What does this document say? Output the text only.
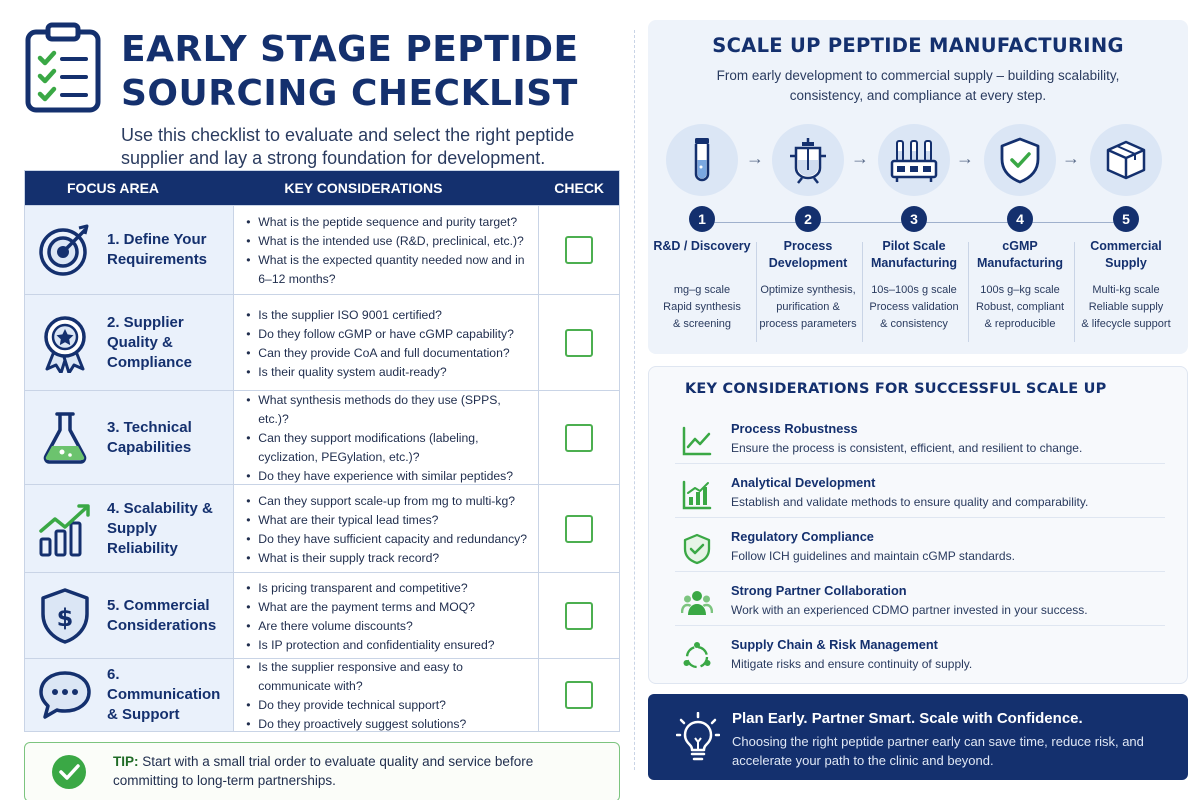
EARLY STAGE PEPTIDE
SOURCING CHECKLIST
Use this checklist to evaluate and select the right peptide supplier and lay a strong foundation for development.
FOCUS AREA	KEY CONSIDERATIONS	CHECK
1. Define Your Requirements
• What is the peptide sequence and purity target?
• What is the intended use (R&D, preclinical, etc.)?
• What is the expected quantity needed now and in 6–12 months?
2. Supplier Quality & Compliance
• Is the supplier ISO 9001 certified?
• Do they follow cGMP or have cGMP capability?
• Can they provide CoA and full documentation?
• Is their quality system audit-ready?
3. Technical Capabilities
• What synthesis methods do they use (SPPS, etc.)?
• Can they support modifications (labeling, cyclization, PEGylation, etc.)?
• Do they have experience with similar peptides?
4. Scalability & Supply Reliability
• Can they support scale-up from mg to multi-kg?
• What are their typical lead times?
• Do they have sufficient capacity and redundancy?
• What is their supply track record?
$ 5. Commercial Considerations
• Is pricing transparent and competitive?
• What are the payment terms and MOQ?
• Are there volume discounts?
• Is IP protection and confidentiality ensured?
6. Communication & Support
• Is the supplier responsive and easy to communicate with?
• Do they provide technical support?
• Do they proactively suggest solutions?
TIP: Start with a small trial order to evaluate quality and service before committing to long-term partnerships.
SCALE UP PEPTIDE MANUFACTURING
From early development to commercial supply – building scalability, consistency, and compliance at every step.
1
R&D / Discovery
mg–g scale
Rapid synthesis
& screening
→
2
Process Development
Optimize synthesis,
purification &
process parameters
→
3
Pilot Scale Manufacturing
10s–100s g scale
Process validation
& consistency
→
4
cGMP Manufacturing
100s g–kg scale
Robust, compliant
& reproducible
→
5
Commercial Supply
Multi-kg scale
Reliable supply
& lifecycle support
KEY CONSIDERATIONS FOR SUCCESSFUL SCALE UP
Process Robustness
Ensure the process is consistent, efficient, and resilient to change.
Analytical Development
Establish and validate methods to ensure quality and comparability.
Regulatory Compliance
Follow ICH guidelines and maintain cGMP standards.
Strong Partner Collaboration
Work with an experienced CDMO partner invested in your success.
Supply Chain & Risk Management
Mitigate risks and ensure continuity of supply.
Plan Early. Partner Smart. Scale with Confidence.
Choosing the right peptide partner early can save time, reduce risk, and accelerate your path to the clinic and beyond.
